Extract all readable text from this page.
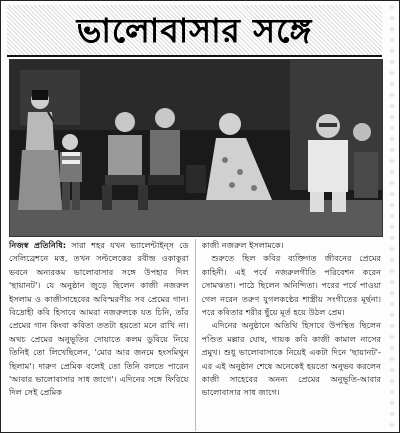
ভালোবাসার সঙ্গে

নিজস্ব প্রতিনিধি: সারা শহর যখন ভ্যালেন্টাইন্‌স ডে সেলিব্রেশনে মত্ত, তখন সল্টলেকের রবীন্দ্র ওকাকুরা ভবনে অন্যরকম ভালোবাসার সঙ্গে উপহার দিল 'ছায়ানট'। যে অনুষ্ঠান জুড়ে ছিলেন কাজী নজরুল ইসলাম ও কাজীসাহেবের অবিস্মরণীয় সব প্রেমের গান। বিদ্রোহী কবি হিসাবে আমরা নজরুলকে যত চিনি, তাঁর প্রেমের গান কিংবা কবিতা ততটা হয়তো মনে রাখি না। অথচ প্রেমের অনুভূতির দোয়াতে কলম ডুবিয়ে নিয়ে তিনিই তো লিখেছিলেন, 'মোর আর জনমে হংসমিথুন ছিলাম'। দারুণ প্রেমিক বলেই তো তিনি বলতে পারেন 'আবার ভালোবাসার সাধ জাগে'। এদিনের সঙ্গে ফিরিয়ে দিল সেই প্রেমিক

কাজী নজরুল ইসলামকে।

শুরুতে ছিল কবির ব্যক্তিগত জীবনের প্রেমের কাহিনী। এই পর্বে নজরুলগীতি পরিবেশন করেন সোমঋতা। পাঠে ছিলেন অনিন্দিতা। পরের পর্বে পাওয়া গেল নরেন তরুণ যুগলকণ্ঠের শাস্ত্রীয় সংগীতের মূর্ছনা। পরে কবিতার শরীর ছুঁয়ে মূর্ত হয়ে উঠল প্রেম।

এদিনের অনুষ্ঠানে অতিথি হিসাবে উপস্থিত ছিলেন পণ্ডিত মল্লার ঘোষ, গায়ক কবি কাজী কামাল নাসের প্রমুখ। শুধু ভালোবাসাকে নিয়েই একটা দিনে 'ছায়ানট'-এর এই অনুষ্ঠান শেষে অনেকেই হয়তো অনুভব করলেন কাজী সাহেবের অনন্য প্রেমের অনুভূতি-আবার ভালোবাসার সাধ জাগে।
